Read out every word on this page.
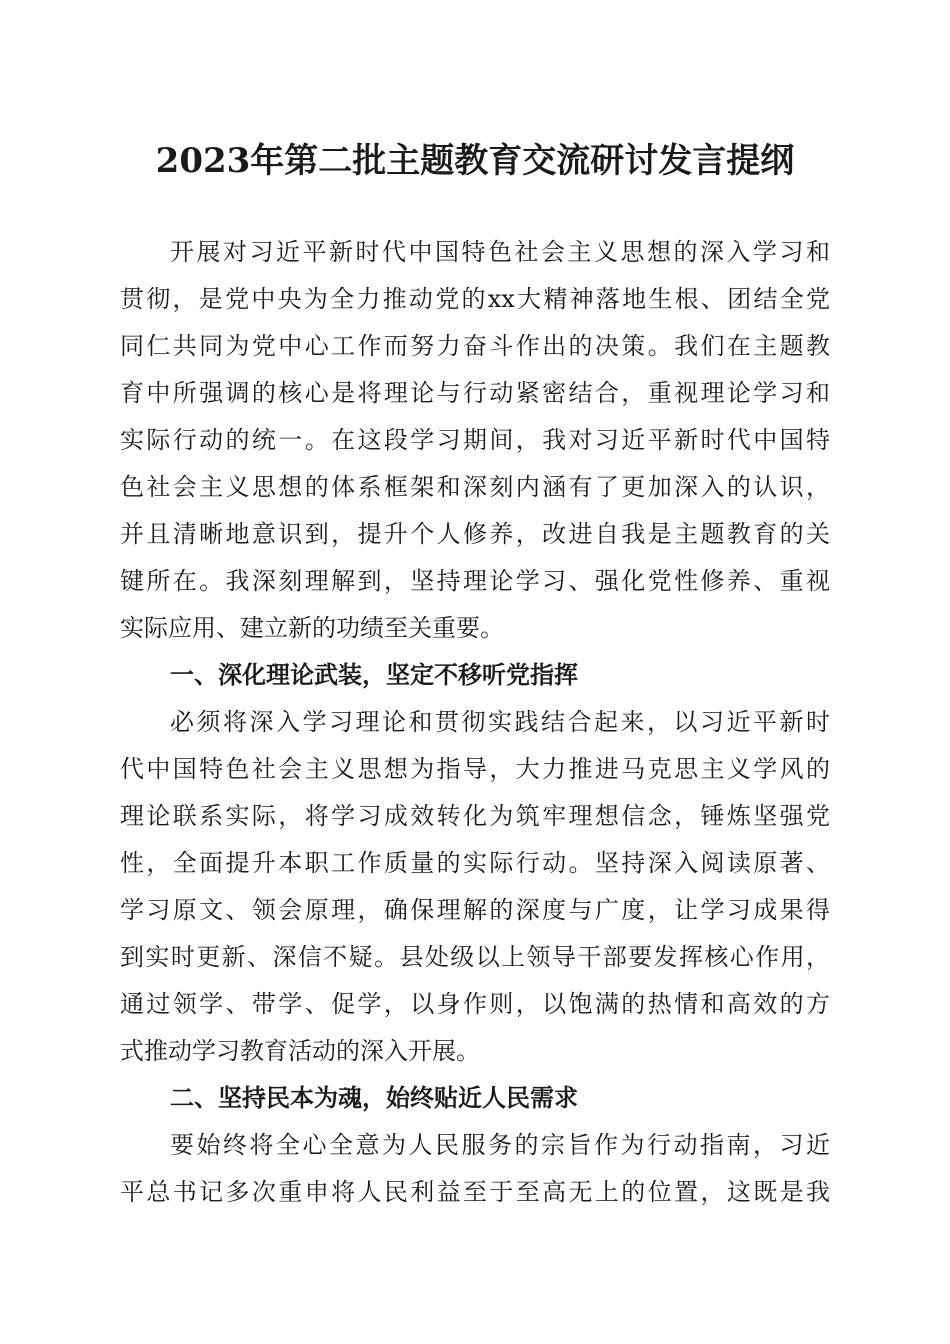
2023年第二批主题教育交流研讨发言提纲
开展对习近平新时代中国特色社会主义思想的深入学习和
贯彻，是党中央为全力推动党的xx大精神落地生根、团结全党
同仁共同为党中心工作而努力奋斗作出的决策。我们在主题教
育中所强调的核心是将理论与行动紧密结合，重视理论学习和
实际行动的统一。在这段学习期间，我对习近平新时代中国特
色社会主义思想的体系框架和深刻内涵有了更加深入的认识，
并且清晰地意识到，提升个人修养，改进自我是主题教育的关
键所在。我深刻理解到，坚持理论学习、强化党性修养、重视
实际应用、建立新的功绩至关重要。
一、深化理论武装，坚定不移听党指挥
必须将深入学习理论和贯彻实践结合起来，以习近平新时
代中国特色社会主义思想为指导，大力推进马克思主义学风的
理论联系实际，将学习成效转化为筑牢理想信念，锤炼坚强党
性，全面提升本职工作质量的实际行动。坚持深入阅读原著、
学习原文、领会原理，确保理解的深度与广度，让学习成果得
到实时更新、深信不疑。县处级以上领导干部要发挥核心作用，
通过领学、带学、促学，以身作则，以饱满的热情和高效的方
式推动学习教育活动的深入开展。
二、坚持民本为魂，始终贴近人民需求
要始终将全心全意为人民服务的宗旨作为行动指南，习近
平总书记多次重申将人民利益至于至高无上的位置，这既是我
